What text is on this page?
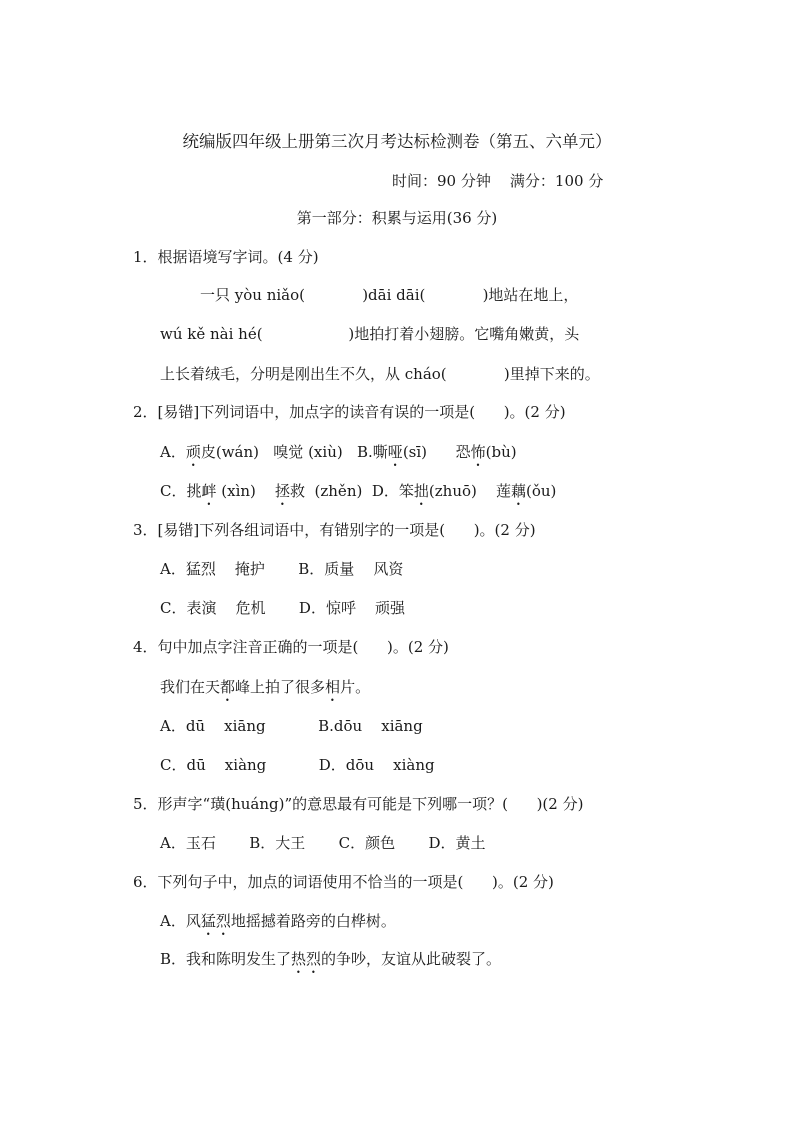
统编版四年级上册第三次月考达标检测卷（第五、六单元）
时间：90 分钟    满分：100 分
第一部分：积累与运用(36 分)
1．根据语境写字词。(4 分)
一只 yòu niǎo(            )dāi dāi(            )地站在地上，
wú kě nài hé(                  )地拍打着小翅膀。它嘴角嫩黄，头
上长着绒毛，分明是刚出生不久，从 cháo(            )里掉下来的。
2．[易错]下列词语中，加点字的读音有误的一项是(      )。(2 分)
A．顽皮(wán)   嗅觉 (xiù)   B.嘶哑(sī)      恐怖(bù)
C．挑衅 (xìn)    拯救  (zhěn)  D．笨拙(zhuō)    莲藕(ǒu)
3．[易错]下列各组词语中，有错别字的一项是(      )。(2 分)
A．猛烈    掩护       B．质量    风资
C．表演    危机       D．惊呼    顽强
4．句中加点字注音正确的一项是(      )。(2 分)
我们在天都峰上拍了很多相片。
A．dū    xiāng           B.dōu    xiāng
C．dū    xiàng           D．dōu    xiàng
5．形声字“璜(huáng)”的意思最有可能是下列哪一项？(      )(2 分)
A．玉石       B．大王       C．颜色       D．黄土
6．下列句子中，加点的词语使用不恰当的一项是(      )。(2 分)
A．风猛烈地摇撼着路旁的白桦树。
B．我和陈明发生了热烈的争吵，友谊从此破裂了。
